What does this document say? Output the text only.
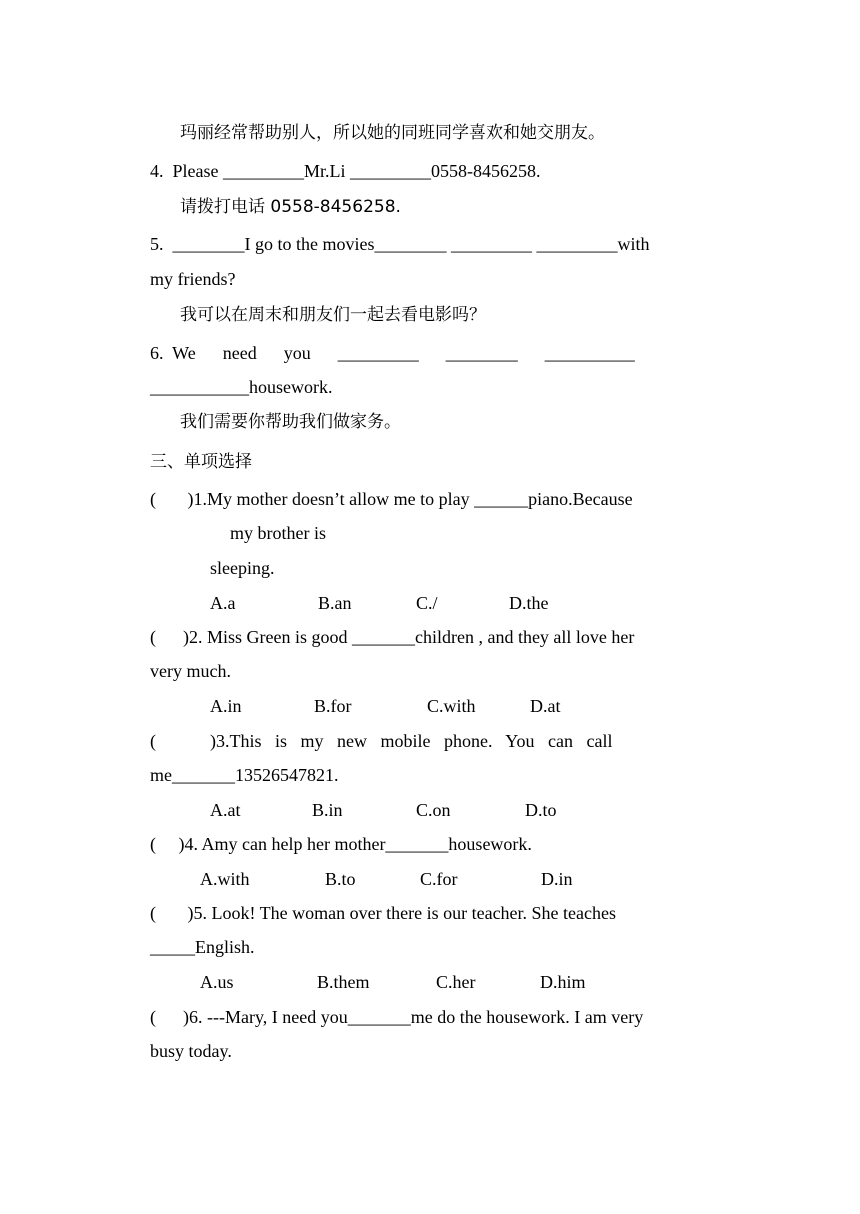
玛丽经常帮助别人，所以她的同班同学喜欢和她交朋友。
4.  Please _________Mr.Li _________0558-8456258.
请拨打电话 0558-8456258.
5.  ________I go to the movies________ _________ _________with
my friends?
我可以在周末和朋友们一起去看电影吗？
6.  We      need      you      _________      ________      __________
___________housework.
我们需要你帮助我们做家务。
三、单项选择
(       )1.My mother doesn’t allow me to play ______piano.Because
my brother is
sleeping.
A.a	B.an	C./	D.the
(      )2. Miss Green is good _______children , and they all love her
very much.
A.in	B.for	C.with	D.at
(            )3.This   is   my   new   mobile   phone.   You   can   call
me_______13526547821.
A.at	B.in	C.on	D.to
(     )4. Amy can help her mother_______housework.
A.with	B.to	C.for	D.in
(       )5. Look! The woman over there is our teacher. She teaches
_____English.
A.us	B.them	C.her	D.him
(      )6. ---Mary, I need you_______me do the housework. I am very
busy today.
